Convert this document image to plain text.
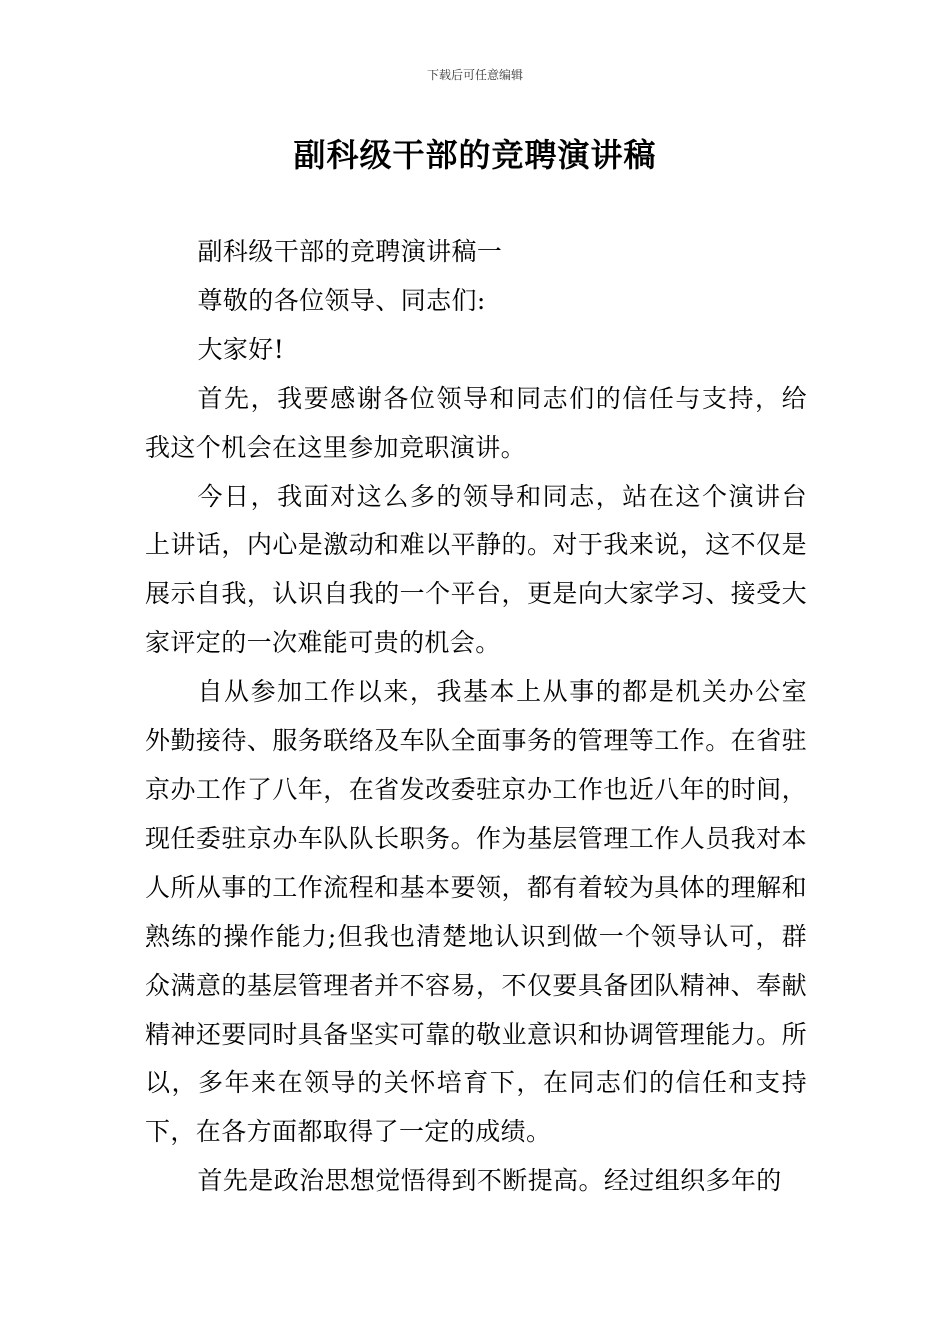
下载后可任意编辑
副科级干部的竞聘演讲稿

副科级干部的竞聘演讲稿一

尊敬的各位领导、同志们:

大家好!

首先，我要感谢各位领导和同志们的信任与支持，给我这个机会在这里参加竞职演讲。

今日，我面对这么多的领导和同志，站在这个演讲台上讲话，内心是激动和难以平静的。对于我来说，这不仅是展示自我，认识自我的一个平台，更是向大家学习、接受大家评定的一次难能可贵的机会。

自从参加工作以来，我基本上从事的都是机关办公室外勤接待、服务联络及车队全面事务的管理等工作。在省驻京办工作了八年，在省发改委驻京办工作也近八年的时间，现任委驻京办车队队长职务。作为基层管理工作人员我对本人所从事的工作流程和基本要领，都有着较为具体的理解和熟练的操作能力;但我也清楚地认识到做一个领导认可，群众满意的基层管理者并不容易，不仅要具备团队精神、奉献精神还要同时具备坚实可靠的敬业意识和协调管理能力。所以，多年来在领导的关怀培育下，在同志们的信任和支持下，在各方面都取得了一定的成绩。

首先是政治思想觉悟得到不断提高。经过组织多年的
